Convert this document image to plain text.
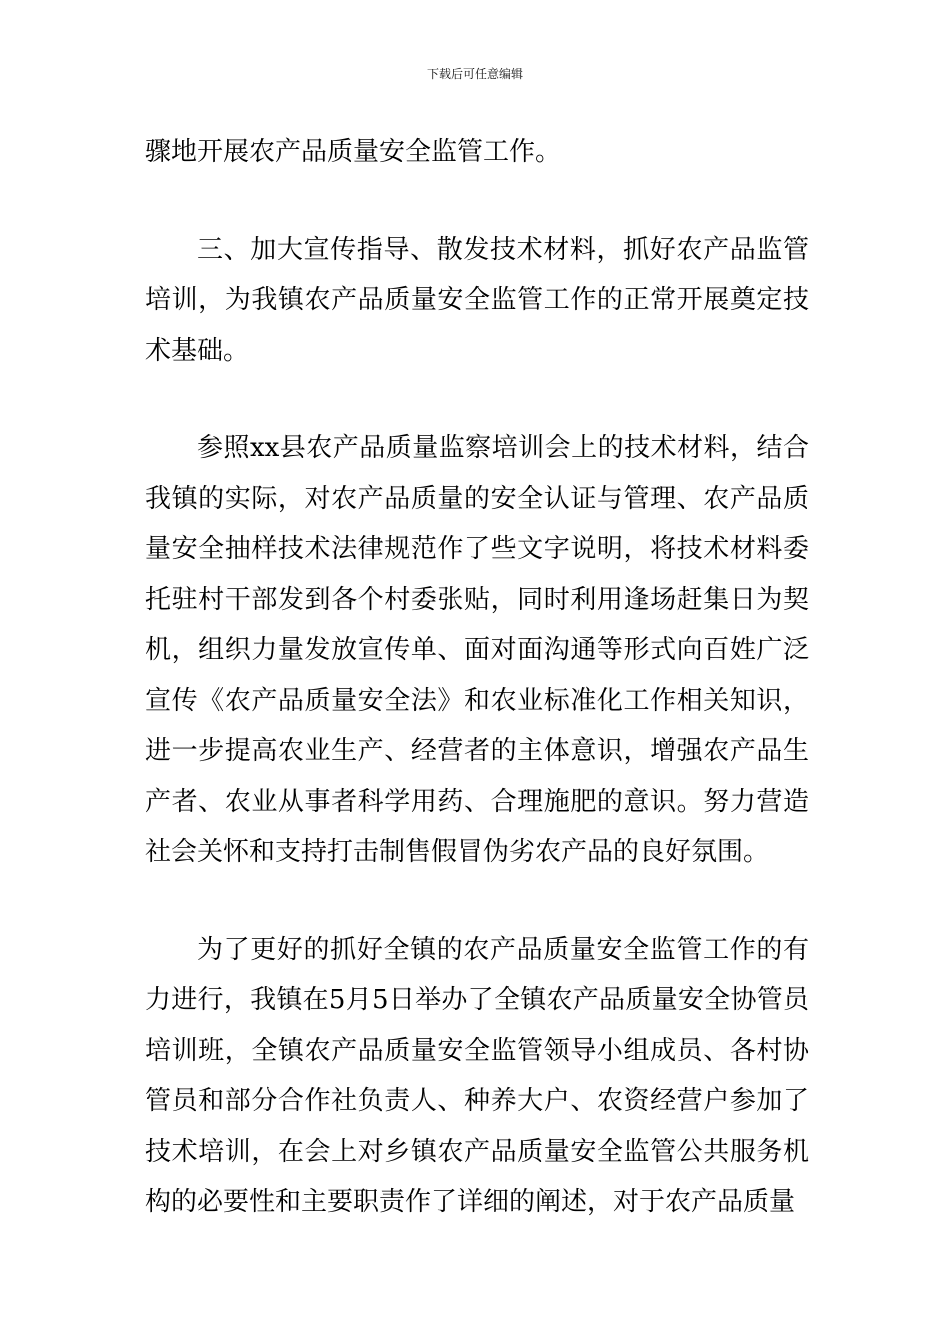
下载后可任意编辑

骤地开展农产品质量安全监管工作。

三、加大宣传指导、散发技术材料，抓好农产品监管培训，为我镇农产品质量安全监管工作的正常开展奠定技术基础。

参照xx县农产品质量监察培训会上的技术材料，结合我镇的实际，对农产品质量的安全认证与管理、农产品质量安全抽样技术法律规范作了些文字说明，将技术材料委托驻村干部发到各个村委张贴，同时利用逢场赶集日为契机，组织力量发放宣传单、面对面沟通等形式向百姓广泛宣传《农产品质量安全法》和农业标准化工作相关知识，进一步提高农业生产、经营者的主体意识，增强农产品生产者、农业从事者科学用药、合理施肥的意识。努力营造社会关怀和支持打击制售假冒伪劣农产品的良好氛围。

为了更好的抓好全镇的农产品质量安全监管工作的有力进行，我镇在5月5日举办了全镇农产品质量安全协管员培训班，全镇农产品质量安全监管领导小组成员、各村协管员和部分合作社负责人、种养大户、农资经营户参加了技术培训，在会上对乡镇农产品质量安全监管公共服务机构的必要性和主要职责作了详细的阐述，对于农产品质量
